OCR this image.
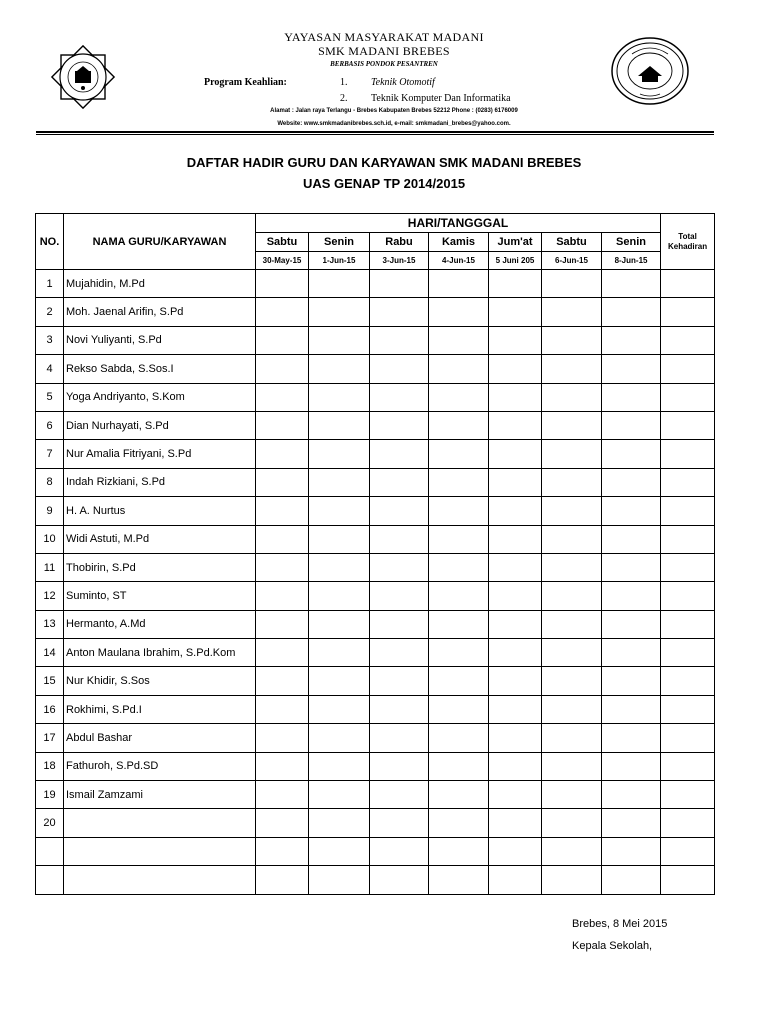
YAYASAN MASYARAKAT MADANI
SMK MADANI BREBES
BERBASIS PONDOK PESANTREN
Program Keahlian:	1. Teknik Otomotif
2. Teknik Komputer Dan Informatika
Alamat : Jalan raya Terlangu - Brebes Kabupaten Brebes 52212 Phone : (0283) 6176009
Website: www.smkmadanibrebes.sch.id, e-mail: smkmadani_brebes@yahoo.com.
DAFTAR HADIR GURU DAN KARYAWAN SMK MADANI BREBES
UAS GENAP TP 2014/2015
NO.	NAMA GURU/KARYAWAN	HARI/TANGGGAL							Total Kehadiran
		Sabtu	Senin	Rabu	Kamis	Jum'at	Sabtu	Senin	
		30-May-15	1-Jun-15	3-Jun-15	4-Jun-15	5 Juni 205	6-Jun-15	8-Jun-15	
1	Mujahidin, M.Pd								
2	Moh. Jaenal Arifin, S.Pd								
3	Novi Yuliyanti, S.Pd								
4	Rekso Sabda, S.Sos.I								
5	Yoga Andriyanto, S.Kom								
6	Dian Nurhayati, S.Pd								
7	Nur Amalia Fitriyani, S.Pd								
8	Indah Rizkiani, S.Pd								
9	H. A. Nurtus								
10	Widi Astuti, M.Pd								
11	Thobirin, S.Pd								
12	Suminto, ST								
13	Hermanto, A.Md								
14	Anton Maulana Ibrahim, S.Pd.Kom								
15	Nur Khidir, S.Sos								
16	Rokhimi, S.Pd.I								
17	Abdul Bashar								
18	Fathuroh, S.Pd.SD								
19	Ismail Zamzami								
20									

Brebes, 8 Mei 2015
Kepala Sekolah,
